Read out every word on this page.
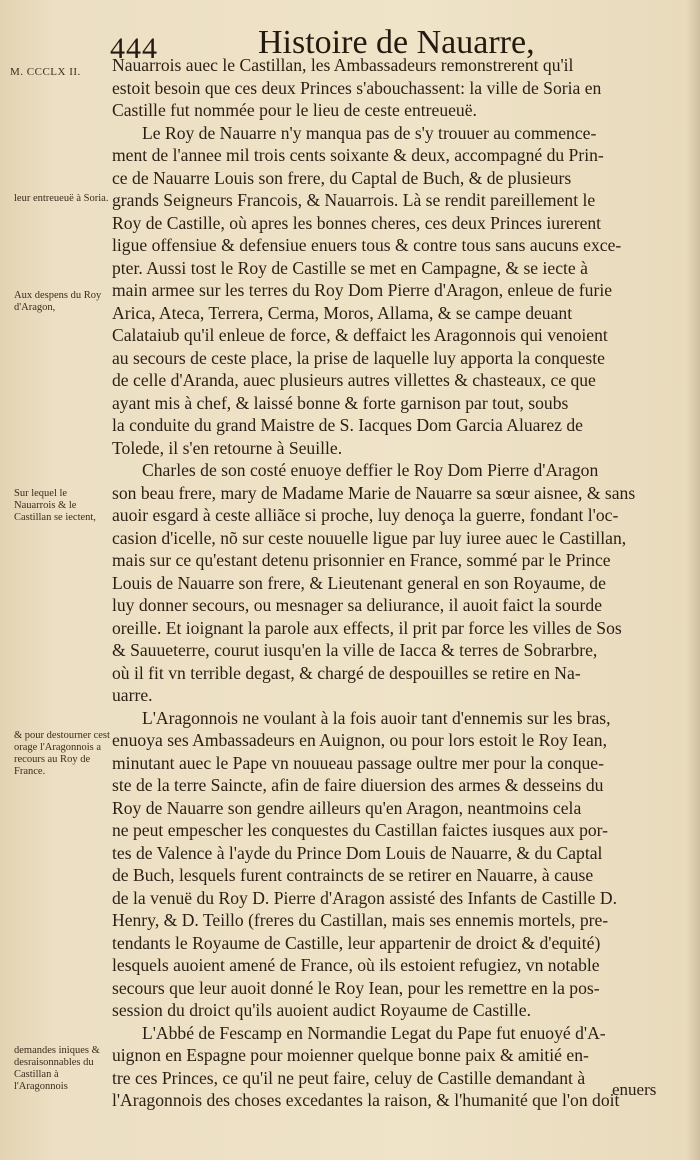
444	Histoire de Nauarre,
M. CCCLX II.
leur entreueuë à Soria.
Aux despens du Roy d'Aragon,
Sur lequel le Nauarrois & le Castillan se iectent,
& pour destourner cest orage l'Aragonnois a recours au Roy de France.
demandes iniques & desraisonnables du Castillan à l'Aragonnois

Nauarrois auec le Castillan, les Ambassadeurs remonstrerent qu'il
estoit besoin que ces deux Princes s'abouchassent: la ville de Soria en
Castille fut nommée pour le lieu de ceste entreueuë.

Le Roy de Nauarre n'y manqua pas de s'y trouuer au commence-
ment de l'annee mil trois cents soixante & deux, accompagné du Prin-
ce de Nauarre Louis son frere, du Captal de Buch, & de plusieurs
grands Seigneurs Francois, & Nauarrois. Là se rendit pareillement le
Roy de Castille, où apres les bonnes cheres, ces deux Princes iurerent
ligue offensiue & defensiue enuers tous & contre tous sans aucuns exce-
pter. Aussi tost le Roy de Castille se met en Campagne, & se iecte à
main armee sur les terres du Roy Dom Pierre d'Aragon, enleue de furie
Arica, Ateca, Terrera, Cerma, Moros, Allama, & se campe deuant
Calataiub qu'il enleue de force, & deffaict les Aragonnois qui venoient
au secours de ceste place, la prise de laquelle luy apporta la conqueste
de celle d'Aranda, auec plusieurs autres villettes & chasteaux, ce que
ayant mis à chef, & laissé bonne & forte garnison par tout, soubs
la conduite du grand Maistre de S. Iacques Dom Garcia Aluarez de
Tolede, il s'en retourne à Seuille.

Charles de son costé enuoye deffier le Roy Dom Pierre d'Aragon
son beau frere, mary de Madame Marie de Nauarre sa sœur aisnee, & sans
auoir esgard à ceste alliãce si proche, luy denoça la guerre, fondant l'oc-
casion d'icelle, nõ sur ceste nouuelle ligue par luy iuree auec le Castillan,
mais sur ce qu'estant detenu prisonnier en France, sommé par le Prince
Louis de Nauarre son frere, & Lieutenant general en son Royaume, de
luy donner secours, ou mesnager sa deliurance, il auoit faict la sourde
oreille. Et ioignant la parole aux effects, il prit par force les villes de Sos
& Sauueterre, courut iusqu'en la ville de Iacca & terres de Sobrarbre,
où il fit vn terrible degast, & chargé de despouilles se retire en Na-
uarre.

L'Aragonnois ne voulant à la fois auoir tant d'ennemis sur les bras,
enuoya ses Ambassadeurs en Auignon, ou pour lors estoit le Roy Iean,
minutant auec le Pape vn nouueau passage oultre mer pour la conque-
ste de la terre Saincte, afin de faire diuersion des armes & desseins du
Roy de Nauarre son gendre ailleurs qu'en Aragon, neantmoins cela
ne peut empescher les conquestes du Castillan faictes iusques aux por-
tes de Valence à l'ayde du Prince Dom Louis de Nauarre, & du Captal
de Buch, lesquels furent contraincts de se retirer en Nauarre, à cause
de la venuë du Roy D. Pierre d'Aragon assisté des Infants de Castille D.
Henry, & D. Teillo (freres du Castillan, mais ses ennemis mortels, pre-
tendants le Royaume de Castille, leur appartenir de droict & d'equité)
lesquels auoient amené de France, où ils estoient refugiez, vn notable
secours que leur auoit donné le Roy Iean, pour les remettre en la pos-
session du droict qu'ils auoient audict Royaume de Castille.

L'Abbé de Fescamp en Normandie Legat du Pape fut enuoyé d'A-
uignon en Espagne pour moienner quelque bonne paix & amitié en-
tre ces Princes, ce qu'il ne peut faire, celuy de Castille demandant à
l'Aragonnois des choses excedantes la raison, & l'humanité que l'on doit

enuers
